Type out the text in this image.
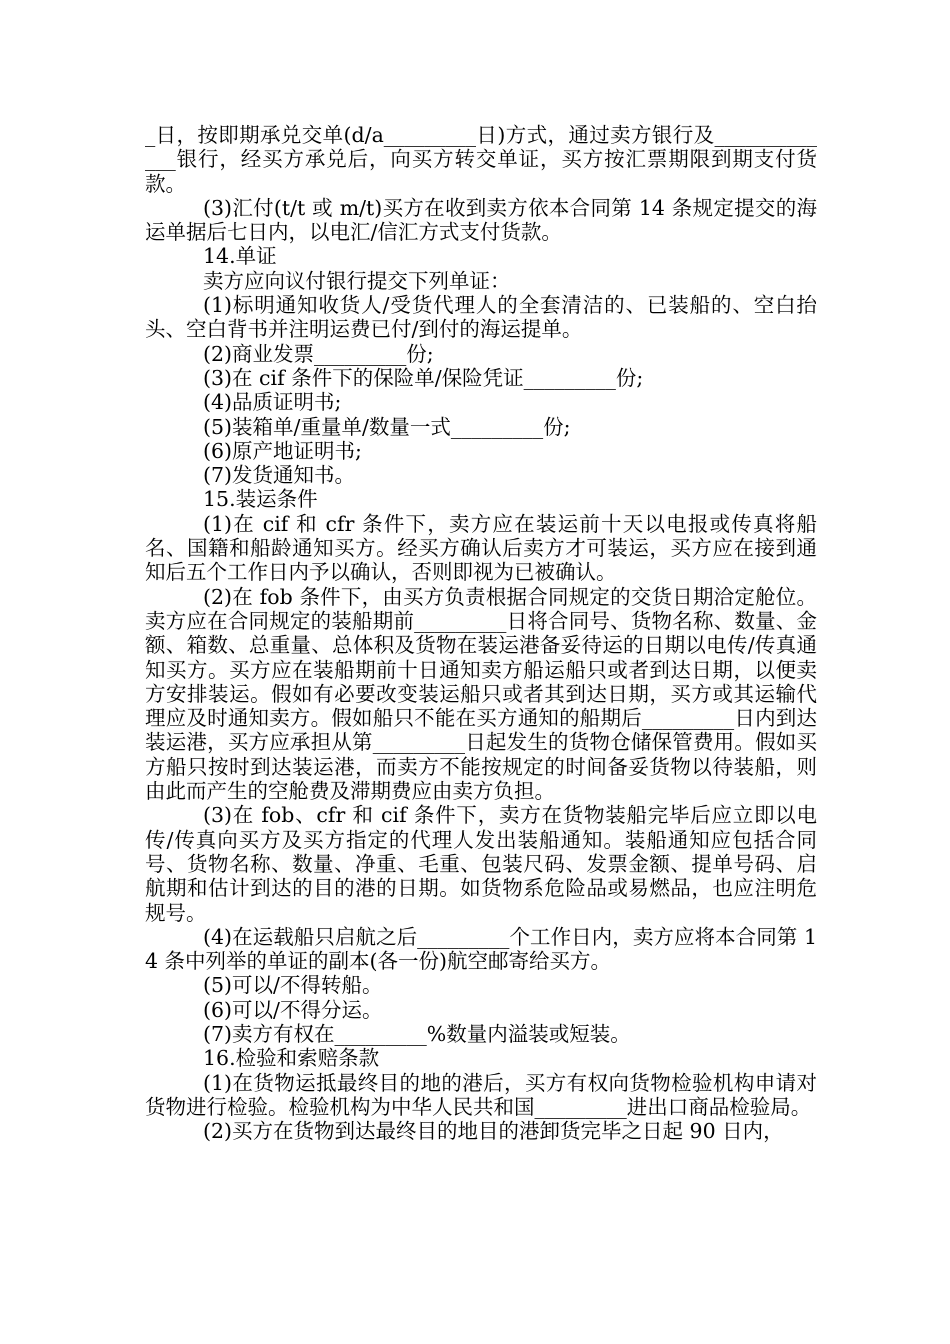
_日，按即期承兑交单(d/a_________日)方式，通过卖方银行及_____________银行，经买方承兑后，向买方转交单证，买方按汇票期限到期支付货款。

(3)汇付(t/t 或 m/t)买方在收到卖方依本合同第 14 条规定提交的海运单据后七日内，以电汇/信汇方式支付货款。

14.单证

卖方应向议付银行提交下列单证：

(1)标明通知收货人/受货代理人的全套清洁的、已装船的、空白抬头、空白背书并注明运费已付/到付的海运提单。

(2)商业发票_________份;

(3)在 cif 条件下的保险单/保险凭证_________份;

(4)品质证明书;

(5)装箱单/重量单/数量一式_________份;

(6)原产地证明书;

(7)发货通知书。

15.装运条件

(1)在 cif 和 cfr 条件下，卖方应在装运前十天以电报或传真将船名、国籍和船龄通知买方。经买方确认后卖方才可装运，买方应在接到通知后五个工作日内予以确认，否则即视为已被确认。

(2)在 fob 条件下，由买方负责根据合同规定的交货日期洽定舱位。卖方应在合同规定的装船期前_________日将合同号、货物名称、数量、金额、箱数、总重量、总体积及货物在装运港备妥待运的日期以电传/传真通知买方。买方应在装船期前十日通知卖方船运船只或者到达日期，以便卖方安排装运。假如有必要改变装运船只或者其到达日期，买方或其运输代理应及时通知卖方。假如船只不能在买方通知的船期后_________日内到达装运港，买方应承担从第_________日起发生的货物仓储保管费用。假如买方船只按时到达装运港，而卖方不能按规定的时间备妥货物以待装船，则由此而产生的空舱费及滞期费应由卖方负担。

(3)在 fob、cfr 和 cif 条件下，卖方在货物装船完毕后应立即以电传/传真向买方及买方指定的代理人发出装船通知。装船通知应包括合同号、货物名称、数量、净重、毛重、包装尺码、发票金额、提单号码、启航期和估计到达的目的港的日期。如货物系危险品或易燃品，也应注明危规号。

(4)在运载船只启航之后_________个工作日内，卖方应将本合同第 14 条中列举的单证的副本(各一份)航空邮寄给买方。

(5)可以/不得转船。

(6)可以/不得分运。

(7)卖方有权在_________%数量内溢装或短装。

16.检验和索赔条款

(1)在货物运抵最终目的地的港后，买方有权向货物检验机构申请对货物进行检验。检验机构为中华人民共和国_________进出口商品检验局。

(2)买方在货物到达最终目的地目的港卸货完毕之日起 90 日内，
